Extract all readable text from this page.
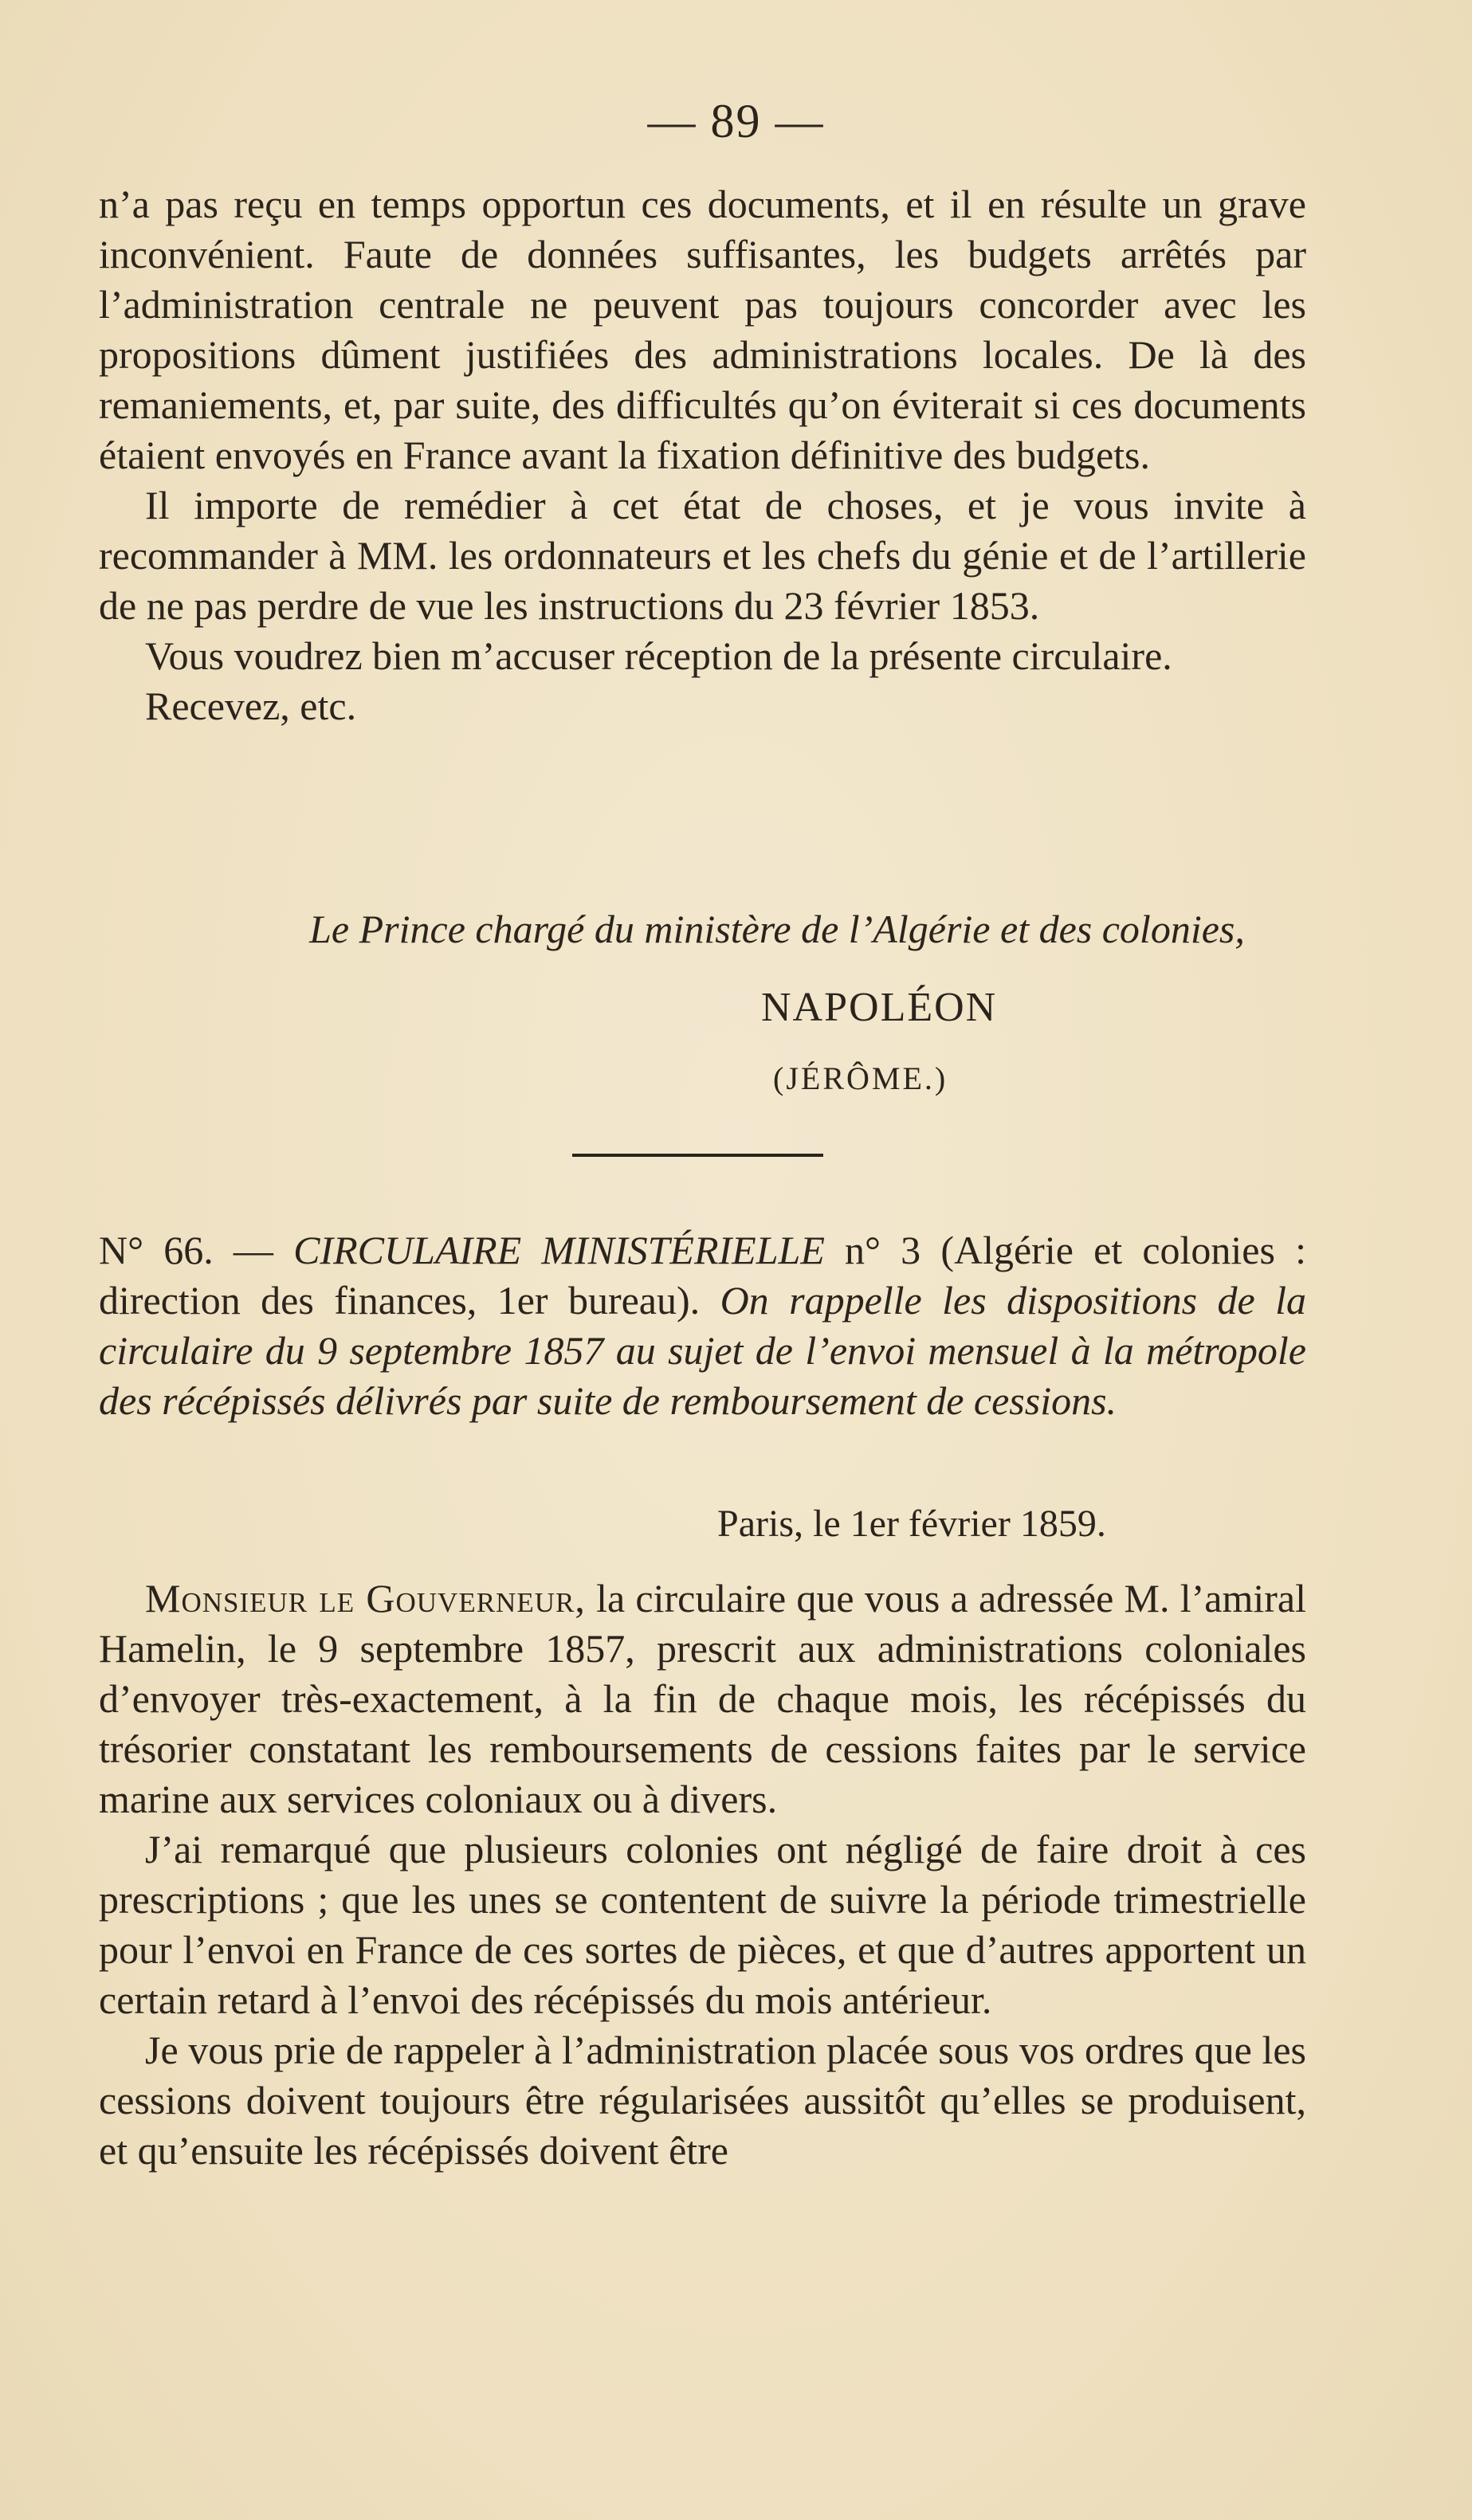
— 89 —

n’a pas reçu en temps opportun ces documents, et il en résulte un grave inconvénient. Faute de données suffisantes, les budgets arrêtés par l’administration centrale ne peuvent pas toujours concorder avec les propositions dûment justifiées des administrations locales. De là des remaniements, et, par suite, des difficultés qu’on éviterait si ces documents étaient envoyés en France avant la fixation définitive des budgets.

Il importe de remédier à cet état de choses, et je vous invite à recommander à MM. les ordonnateurs et les chefs du génie et de l’artillerie de ne pas perdre de vue les instructions du 23 février 1853.

Vous voudrez bien m’accuser réception de la présente circulaire.

Recevez, etc.

Le Prince chargé du ministère de l’Algérie et des colonies,
NAPOLÉON
(JÉRÔME.)

N° 66. — CIRCULAIRE MINISTÉRIELLE n° 3 (Algérie et colonies : direction des finances, 1er bureau). On rappelle les dispositions de la circulaire du 9 septembre 1857 au sujet de l’envoi mensuel à la métropole des récépissés délivrés par suite de remboursement de cessions.

Paris, le 1er février 1859.

Monsieur le Gouverneur, la circulaire que vous a adressée M. l’amiral Hamelin, le 9 septembre 1857, prescrit aux administrations coloniales d’envoyer très-exactement, à la fin de chaque mois, les récépissés du trésorier constatant les remboursements de cessions faites par le service marine aux services coloniaux ou à divers.

J’ai remarqué que plusieurs colonies ont négligé de faire droit à ces prescriptions ; que les unes se contentent de suivre la période trimestrielle pour l’envoi en France de ces sortes de pièces, et que d’autres apportent un certain retard à l’envoi des récépissés du mois antérieur.

Je vous prie de rappeler à l’administration placée sous vos ordres que les cessions doivent toujours être régularisées aussitôt qu’elles se produisent, et qu’ensuite les récépissés doivent être
